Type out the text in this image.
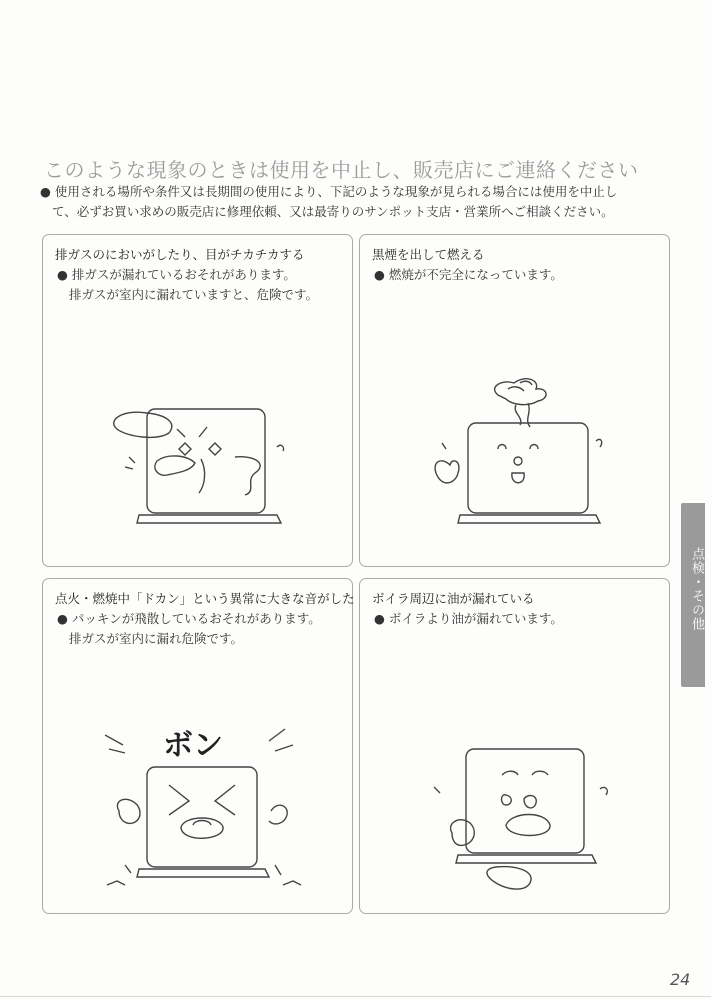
このような現象のときは使用を中止し、販売店にご連絡ください
● 使用される場所や条件又は長期間の使用により、下記のような現象が見られる場合には使用を中止し
て、必ずお買い求めの販売店に修理依頼、又は最寄りのサンポット支店・営業所へご相談ください。
排ガスのにおいがしたり、目がチカチカする
● 排ガスが漏れているおそれがあります。
排ガスが室内に漏れていますと、危険です。
黒煙を出して燃える
● 燃焼が不完全になっています。
点火・燃焼中「ドカン」という異常に大きな音がした
● パッキンが飛散しているおそれがあります。
排ガスが室内に漏れ危険です。
ボン
ボイラ周辺に油が漏れている
● ボイラより油が漏れています。	点検・その他
24
